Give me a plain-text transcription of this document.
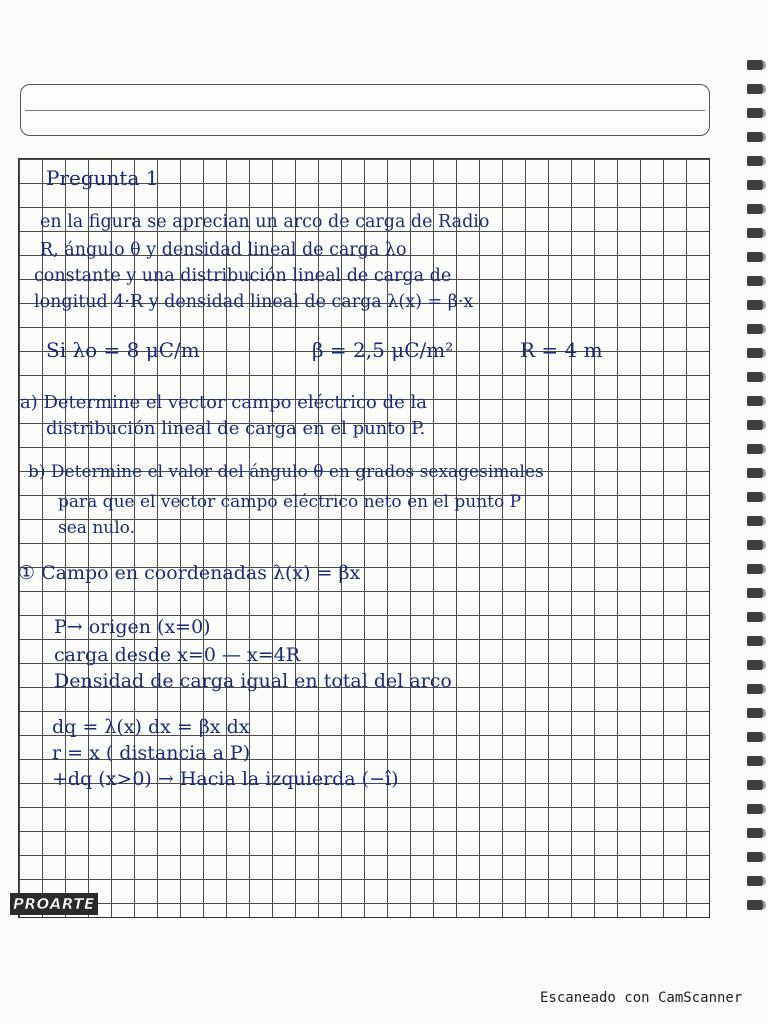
Pregunta 1
en la figura se aprecian un arco de carga de Radio
R, ángulo θ y densidad lineal de carga λo
constante y una distribución lineal de carga de
longitud 4·R y densidad lineal de carga λ(x) = β·x
Si λo = 8 μC/m	β = 2,5 μC/m²	R = 4 m
a) Determine el vector campo eléctrico de la
distribución lineal de carga en el punto P.
b) Determine el valor del ángulo θ en grados sexagesimales
para que el vector campo eléctrico neto en el punto P
sea nulo.
① Campo en coordenadas λ(x) = βx
P→ origen (x=0)
carga desde x=0 — x=4R
Densidad de carga igual en total del arco
dq = λ(x) dx = βx dx
r = x ( distancia a P)
+dq (x>0) → Hacia la izquierda (−î)
PROARTE
Escaneado con CamScanner
